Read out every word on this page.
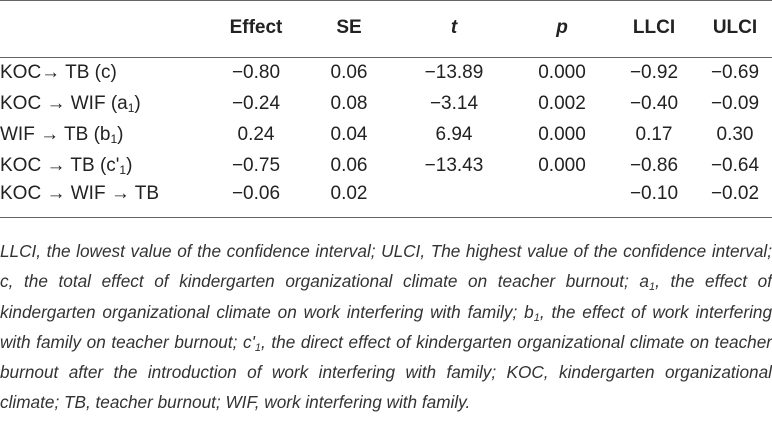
	Effect	SE	t	p	LLCI	ULCI
KOC→ TB (c)	−0.80	0.06	−13.89	0.000	−0.92	−0.69
KOC → WIF $(a_1)$	−0.24	0.08	−3.14	0.002	−0.40	−0.09
WIF → TB $(b_1)$	0.24	0.04	6.94	0.000	0.17	0.30
KOC → TB $(c'_1)$	−0.75	0.06	−13.43	0.000	−0.86	−0.64
KOC → WIF → TB	−0.06	0.02			−0.10	−0.02

LLCI, the lowest value of the confidence interval; ULCI, The highest value of the confidence interval; c, the total effect of kindergarten organizational climate on teacher burnout; $a_1$, the effect of kindergarten organizational climate on work interfering with family; $b_1$, the effect of work interfering with family on teacher burnout; $c'_1$, the direct effect of kindergarten organizational climate on teacher burnout after the introduction of work interfering with family; KOC, kindergarten organizational climate; TB, teacher burnout; WIF, work interfering with family.
